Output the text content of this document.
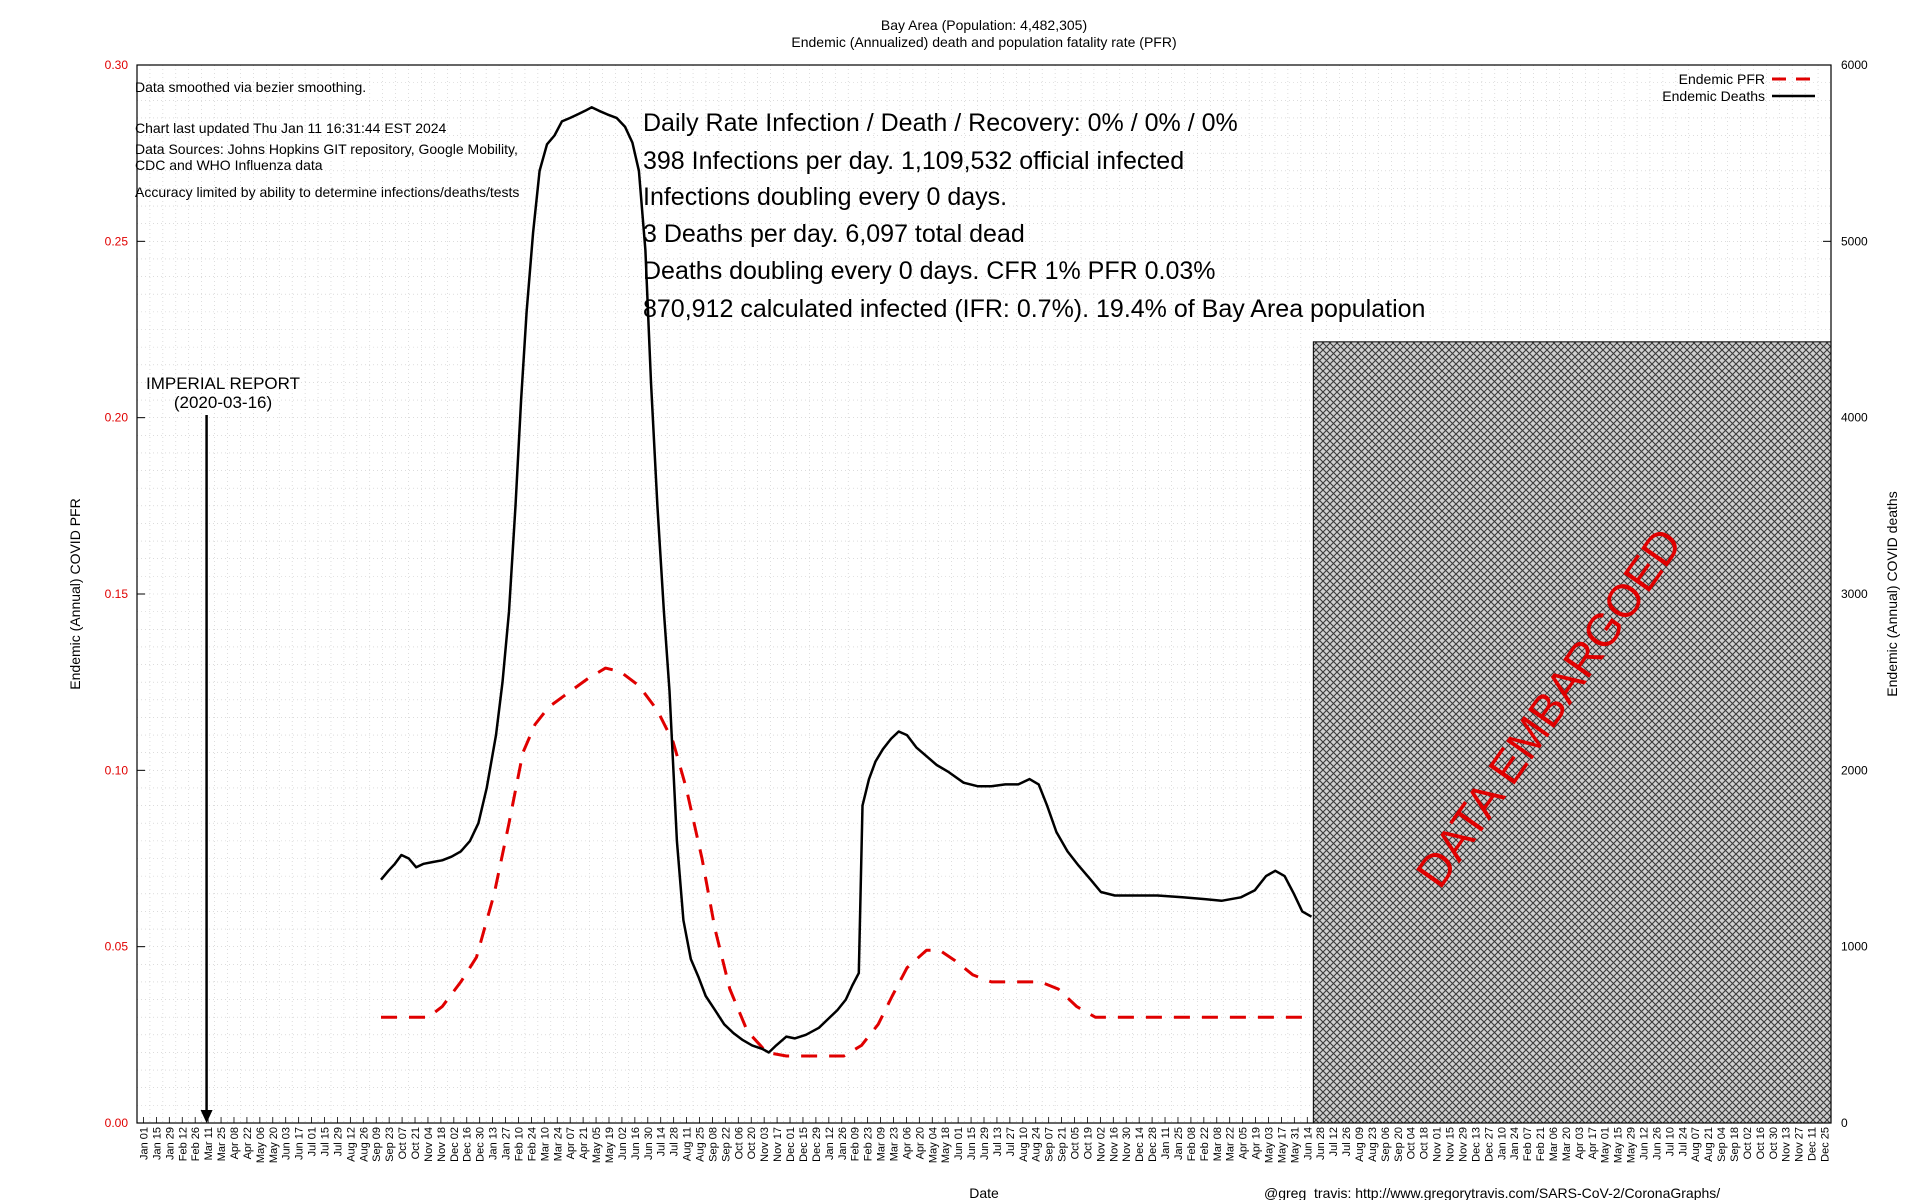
Bay Area (Population: 4,482,305)
Endemic (Annualized) death and population fatality rate (PFR)
0.00
0.05
0.10
0.15
0.20
0.25
0.30
0
1000
2000
3000
4000
5000
6000
Jan 01 Jan 15 Jan 29 Feb 12 Feb 26 Mar 11 Mar 25 Apr 08 Apr 22 May 06 May 20 Jun 03 Jun 17 Jul 01 Jul 15 Jul 29 Aug 12 Aug 26 Sep 09 Sep 23 Oct 07 Oct 21 Nov 04 Nov 18 Dec 02 Dec 16 Dec 30 Jan 13 Jan 27 Feb 10 Feb 24 Mar 10 Mar 24 Apr 07 Apr 21 May 05 May 19 Jun 02 Jun 16 Jun 30 Jul 14 Jul 28 Aug 11 Aug 25 Sep 08 Sep 22 Oct 06 Oct 20 Nov 03 Nov 17 Dec 01 Dec 15 Dec 29 Jan 12 Jan 26 Feb 09 Feb 23 Mar 09 Mar 23 Apr 06 Apr 20 May 04 May 18 Jun 01 Jun 15 Jun 29 Jul 13 Jul 27 Aug 10 Aug 24 Sep 07 Sep 21 Oct 05 Oct 19 Nov 02 Nov 16 Nov 30 Dec 14 Dec 28 Jan 11 Jan 25 Feb 08 Feb 22 Mar 08 Mar 22 Apr 05 Apr 19 May 03 May 17 May 31 Jun 14 Jun 28 Jul 12 Jul 26 Aug 09 Aug 23 Sep 06 Sep 20 Oct 04 Oct 18 Nov 01 Nov 15 Nov 29 Dec 13 Dec 27 Jan 10 Jan 24 Feb 07 Feb 21 Mar 06 Mar 20 Apr 03 Apr 17 May 01 May 15 May 29 Jun 12 Jun 26 Jul 10 Jul 24 Aug 07 Aug 21 Sep 04 Sep 18 Oct 02 Oct 16 Oct 30 Nov 13 Nov 27 Dec 11 Dec 25
Endemic (Annual) COVID PFR	Endemic (Annual) COVID deaths
Date
DATA EMBARGOED
Data smoothed via bezier smoothing.
Chart last updated Thu Jan 11 16:31:44 EST 2024
Data Sources: Johns Hopkins GIT repository, Google Mobility,
CDC and WHO Influenza data
Accuracy limited by ability to determine infections/deaths/tests
Daily Rate Infection / Death / Recovery: 0% / 0% / 0%
398 Infections per day. 1,109,532 official infected
Infections doubling every 0 days.
3 Deaths per day. 6,097 total dead
Deaths doubling every 0 days. CFR 1% PFR 0.03%
870,912 calculated infected (IFR: 0.7%). 19.4% of Bay Area population
IMPERIAL REPORT
(2020-03-16)
Endemic PFR
Endemic Deaths
@greg_travis: http://www.gregorytravis.com/SARS-CoV-2/CoronaGraphs/
